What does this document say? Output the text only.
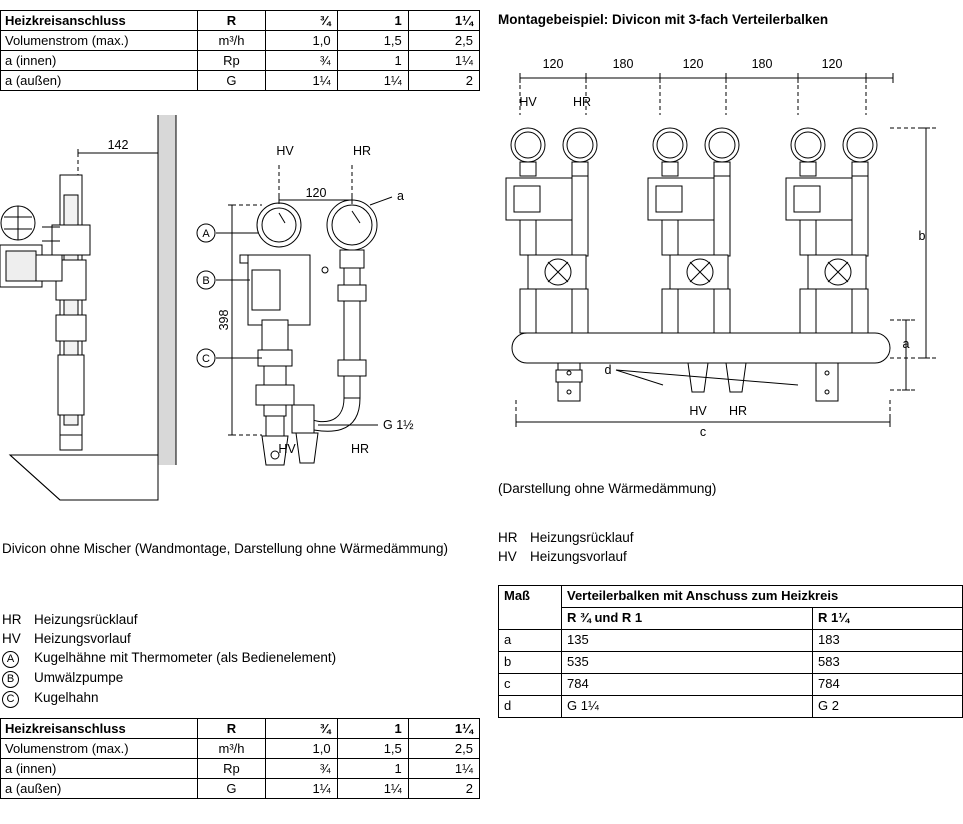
Heizkreisanschluss	R	¾	1	1¼
Volumenstrom (max.)	m³/h	1,0	1,5	2,5
a (innen)	Rp	¾	1	1¼
a (außen)	G	1¼	1¼	2
142
120
HV	HR
HV	HR
a
G 1½
398
A
B
C
Divicon ohne Mischer (Wandmontage, Darstellung ohne Wärmedämmung)
HR Heizungsrücklauf
HV Heizungsvorlauf
A	Kugelhähne mit Thermometer (als Bedienelement)
B	Umwälzpumpe
C	Kugelhahn
Heizkreisanschluss	R	¾	1	1¼
Volumenstrom (max.)	m³/h	1,0	1,5	2,5
a (innen)	Rp	¾	1	1¼
a (außen)	G	1¼	1¼	2
Montagebeispiel: Divicon mit 3-fach Verteilerbalken
120	180	120	180	120
HV	HR
HV HR
a
b
c
d
(Darstellung ohne Wärmedämmung)
HR Heizungsrücklauf
HV Heizungsvorlauf
Maß	Verteilerbalken mit Anschuss zum Heizkreis	
	R ¾ und R 1	R 1¼
a	135	183
b	535	583
c	784	784
d	G 1¼	G 2
